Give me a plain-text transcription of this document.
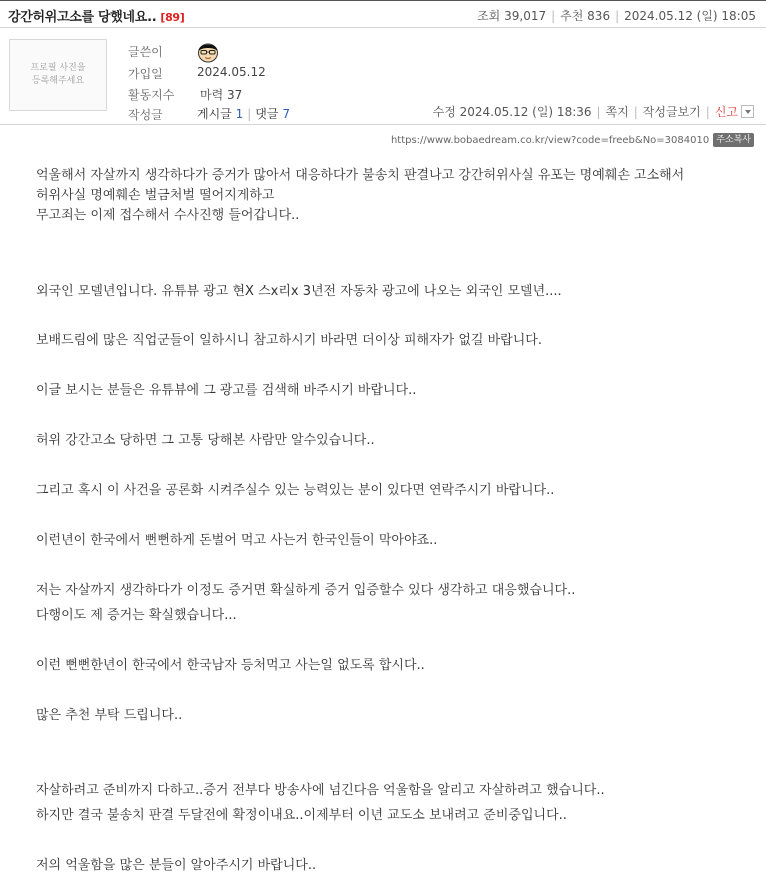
강간허위고소를 당했네요.. [89]	조회 39,017 | 추천 836 | 2024.05.12 (일) 18:05
프로필 사진을
등록해주세요
글쓴이
가입일	2024.05.12
활동지수 마력 37
작성글	게시글 1 | 댓글 7	수정
2024.05.12 (일) 18:36 | 쪽지 | 작성글보기 | 신고
https://www.bobaedream.co.kr/view?code=freeb&No=3084010 주소복사

억울해서 자살까지 생각하다가 증거가 많아서 대응하다가 불송치 판결나고 강간허위사실 유포는 명예훼손 고소해서

허위사실 명예훼손 벌금처벌 떨어지게하고

무고죄는 이제 접수해서 수사진행 들어갑니다..

외국인 모델년입니다. 유튜뷰 광고 현X 스x리x 3년전 자동차 광고에 나오는 외국인 모델년....

보배드림에 많은 직업군들이 일하시니 참고하시기 바라면 더이상 피해자가 없길 바랍니다.

이글 보시는 분들은 유튜뷰에 그 광고를 검색해 바주시기 바랍니다..

허위 강간고소 당하면 그 고통 당해본 사람만 알수있습니다..

그리고 혹시 이 사건을 공론화 시켜주실수 있는 능력있는 분이 있다면 연락주시기 바랍니다..

이런년이 한국에서 뻔뻔하게 돈벌어 먹고 사는거 한국인들이 막아야죠..

저는 자살까지 생각하다가 이정도 증거면 확실하게 증거 입증할수 있다 생각하고 대응했습니다..

다행이도 제 증거는 확실했습니다...

이런 뻔뻔한년이 한국에서 한국남자 등처먹고 사는일 없도록 합시다..

많은 추천 부탁 드립니다..

자살하려고 준비까지 다하고..증거 전부다 방송사에 넘긴다음 억울함을 알리고 자살하려고 했습니다..

하지만 결국 불송치 판결 두달전에 확정이내요..이제부터 이년 교도소 보내려고 준비중입니다..

저의 억울함을 많은 분들이 알아주시기 바랍니다..
